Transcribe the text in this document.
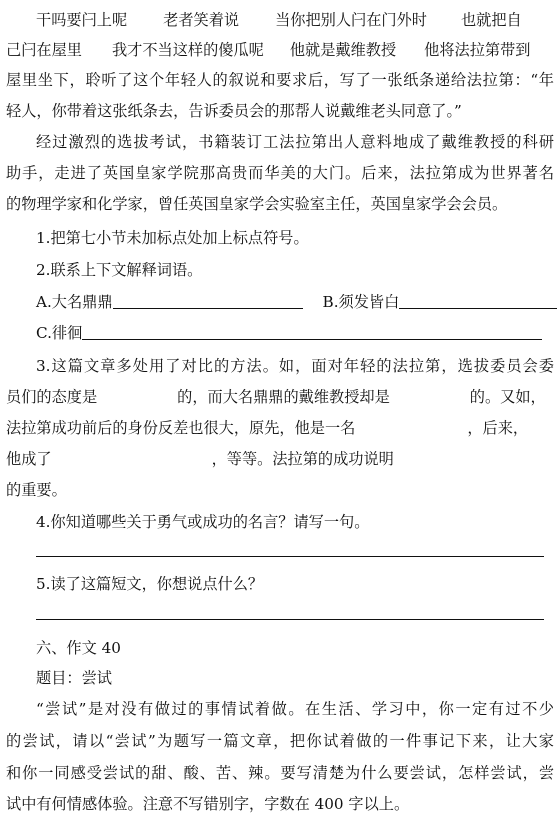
干吗要闩上呢 老者笑着说 当你把别人闩在门外时 也就把自
己闩在屋里 我才不当这样的傻瓜呢 他就是戴维教授 他将法拉第带到
屋里坐下，聆听了这个年轻人的叙说和要求后，写了一张纸条递给法拉第：“年
轻人，你带着这张纸条去，告诉委员会的那帮人说戴维老头同意了。”
经过激烈的选拔考试，书籍装订工法拉第出人意料地成了戴维教授的科研
助手，走进了英国皇家学院那高贵而华美的大门。后来，法拉第成为世界著名
的物理学家和化学家，曾任英国皇家学会实验室主任，英国皇家学会会员。
1.把第七小节未加标点处加上标点符号。
2.联系上下文解释词语。
A.大名鼎鼎	B.须发皆白
C.徘徊
3.这篇文章多处用了对比的方法。如，面对年轻的法拉第，选拔委员会委
员们的态度是	的，而大名鼎鼎的戴维教授却是	的。又如，
法拉第成功前后的身份反差也很大，原先，他是一名	，后来，
他成了	，等等。法拉第的成功说明
的重要。
4.你知道哪些关于勇气或成功的名言？请写一句。
5.读了这篇短文，你想说点什么？
六、作文 40
题目：尝试
“尝试”是对没有做过的事情试着做。在生活、学习中，你一定有过不少
的尝试，请以“尝试”为题写一篇文章，把你试着做的一件事记下来，让大家
和你一同感受尝试的甜、酸、苦、辣。要写清楚为什么要尝试，怎样尝试，尝
试中有何情感体验。注意不写错别字，字数在 400 字以上。
